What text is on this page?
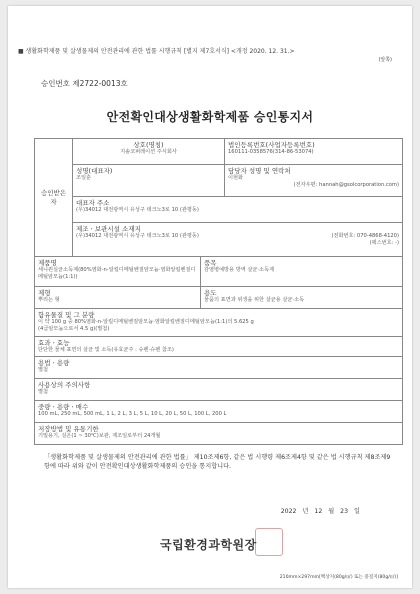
■ 생활화학제품 및 살생물제의 안전관리에 관한 법률 시행규칙 [별지 제7호서식] <개정 2020. 12. 31.>
(앞쪽)
승인번호 제2722-0013호
안전확인대상생활화학제품 승인통지서
승인받은 자	상호(명칭)
지솔코퍼레이션 주식회사		법인등록번호(사업자등록번호)
160111-0358576(314-86-53074)

	성명(대표자)
조일훈		담당자 성명 및 연락처
이현화
(전자우편: hannah@gsolcorporation.com)

	대표자 주소
(우)34012 대전광역시 유성구 테크노3로 10 (관평동)		

	제조ㆍ보관시설 소재지
(우)34012 대전광역시 유성구 테크노3로 10 (관평동) (전화번호: 070-4868-4120)
(팩스번호: -)		

제품명
세니퀀실균소독제(80%염화-n-알킬디메틸벤질암모늄·염화알킬벤질디메틸암모늄(1:1))		품목
감염병예방용 방역 살균·소독제	

제형
뿌리는 형		용도
물품의 표면과 위생을 위한 살균용 살균·소독	

함유물질 및 그 분량
이 약 100 g 중 80%염화-n-알킬디메틸벤질암모늄·염화알킬벤질디메틸암모늄(1:1)의 5.625 g
(4급암모늄으로서 4.5 g)(별첨)			

효과ㆍ효능
단단한 물체 표면의 살균 및 소독(유효균주 : 슈펜·슈펜 참조)			

용법ㆍ용량
별첨			

사용상의 주의사항
별첨			

중량ㆍ용량ㆍ매수
100 mL, 250 mL, 500 mL, 1 L, 2 L, 3 L, 5 L, 10 L, 20 L, 50 L, 100 L, 200 L			

저장방법 및 유통기한
기밀용기, 실온(1 ~ 30℃)보관, 제조일로부터 24개월			
「생활화학제품 및 살생물제의 안전관리에 관한 법률」 제10조제6항, 같은 법 시행령 제6조제4항 및 같은 법 시행규칙 제8조제9항에 따라 위와 같이 안전확인대상생활화학제품의 승인을 통지합니다.
2022 년 12 월 23 일
국립환경과학원장
210mm×297mm[백상지(80g/㎡) 또는 중질지(80g/㎡)]
